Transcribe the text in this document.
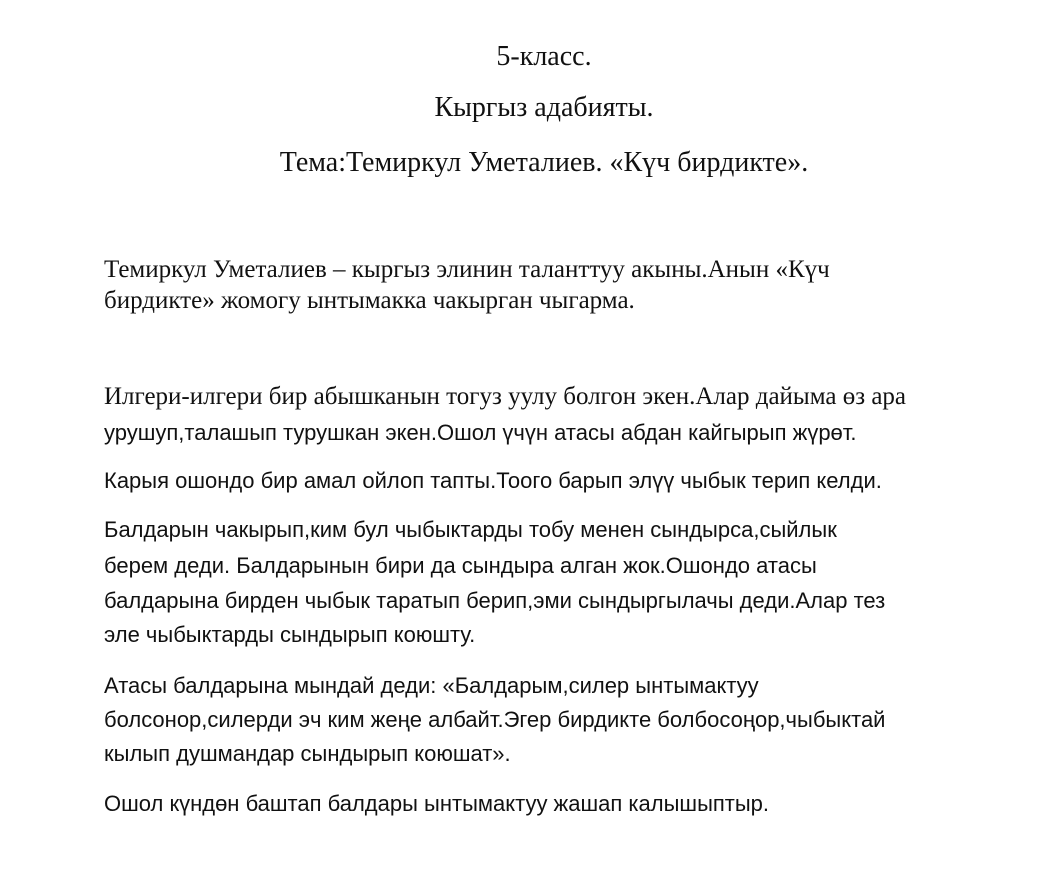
5-класс.
Кыргыз адабияты.
Тема:Темиркул Уметалиев. «Күч бирдикте».
Темиркул Уметалиев – кыргыз элинин таланттуу акыны.Анын «Күч
бирдикте» жомогу ынтымакка чакырган чыгарма.
Илгери-илгери бир абышканын тогуз уулу болгон экен.Алар дайыма өз ара
урушуп,талашып турушкан экен.Ошол үчүн атасы абдан кайгырып жүрөт.
Карыя ошондо бир амал ойлоп тапты.Тоого барып элүү чыбык терип келди.
Балдарын чакырып,ким бул чыбыктарды тобу менен сындырса,сыйлык
берем деди. Балдарынын бири да сындыра алган жок.Ошондо атасы
балдарына бирден чыбык таратып берип,эми сындыргылачы деди.Алар тез
эле чыбыктарды сындырып коюшту.
Атасы балдарына мындай деди: «Балдарым,силер ынтымактуу
болсонор,силерди эч ким жеңе албайт.Эгер бирдикте болбосоңор,чыбыктай
кылып душмандар сындырып коюшат».
Ошол күндөн баштап балдары ынтымактуу жашап калышыптыр.
